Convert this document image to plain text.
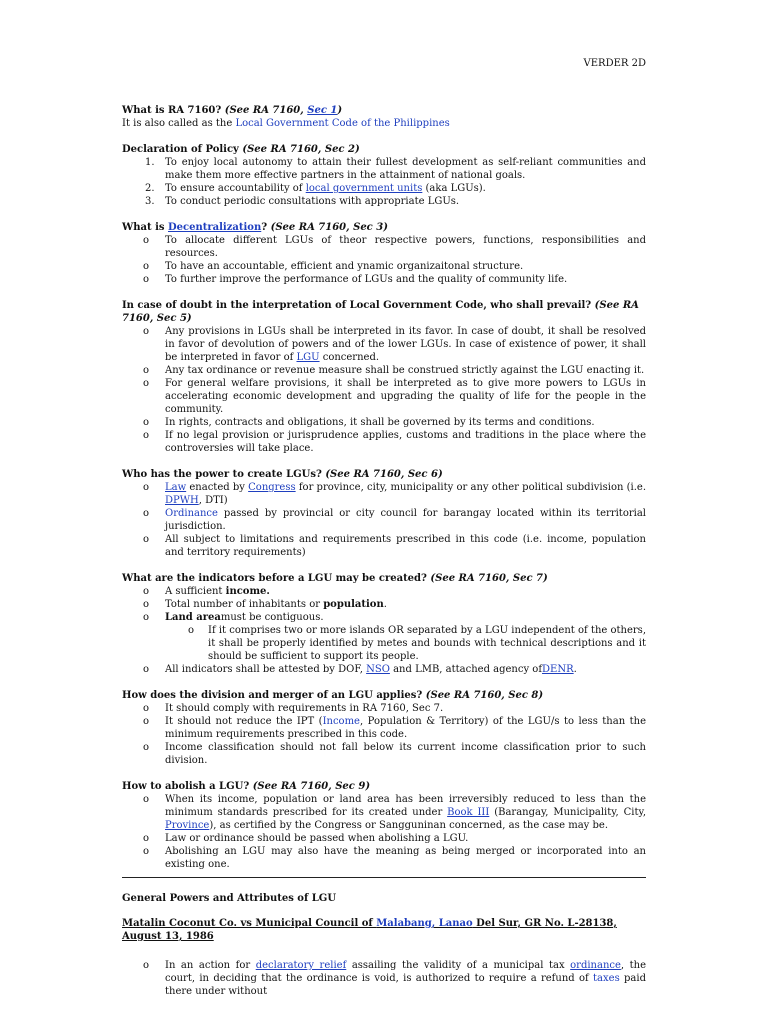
VERDER 2D

What is RA 7160? (See RA 7160, Sec 1)

It is also called as the Local Government Code of the Philippines

Declaration of Policy (See RA 7160, Sec 2)

1. To enjoy local autonomy to attain their fullest development as self-reliant communities and make them more effective partners in the attainment of national goals.
2. To ensure accountability of local government units (aka LGUs).
3. To conduct periodic consultations with appropriate LGUs.

What is Decentralization? (See RA 7160, Sec 3)

o To allocate different LGUs of theor respective powers, functions, responsibilities and resources.
o To have an accountable, efficient and ynamic organizaitonal structure.
o To further improve the performance of LGUs and the quality of community life.

In case of doubt in the interpretation of Local Government Code, who shall prevail? (See RA 7160, Sec 5)

o Any provisions in LGUs shall be interpreted in its favor. In case of doubt, it shall be resolved in favor of devolution of powers and of the lower LGUs. In case of existence of power, it shall be interpreted in favor of LGU concerned.
o Any tax ordinance or revenue measure shall be construed strictly against the LGU enacting it.
o For general welfare provisions, it shall be interpreted as to give more powers to LGUs in accelerating economic development and upgrading the quality of life for the people in the community.
o In rights, contracts and obligations, it shall be governed by its terms and conditions.
o If no legal provision or jurisprudence applies, customs and traditions in the place where the controversies will take place.

Who has the power to create LGUs? (See RA 7160, Sec 6)

o Law enacted by Congress for province, city, municipality or any other political subdivision (i.e. DPWH, DTI)
o Ordinance passed by provincial or city council for barangay located within its territorial jurisdiction.
o All subject to limitations and requirements prescribed in this code (i.e. income, population and territory requirements)

What are the indicators before a LGU may be created? (See RA 7160, Sec 7)

o A sufficient income.
o Total number of inhabitants or population.
o Land areamust be contiguous.
o If it comprises two or more islands OR separated by a LGU independent of the others, it shall be properly identified by metes and bounds with technical descriptions and it should be sufficient to support its people.
o All indicators shall be attested by DOF, NSO and LMB, attached agency ofDENR.

How does the division and merger of an LGU applies? (See RA 7160, Sec 8)

o It should comply with requirements in RA 7160, Sec 7.
o It should not reduce the IPT (Income, Population & Territory) of the LGU/s to less than the minimum requirements prescribed in this code.
o Income classification should not fall below its current income classification prior to such division.

How to abolish a LGU? (See RA 7160, Sec 9)

o When its income, population or land area has been irreversibly reduced to less than the minimum standards prescribed for its created under Book III (Barangay, Municipality, City, Province), as certified by the Congress or Sangguninan concerned, as the case may be.
o Law or ordinance should be passed when abolishing a LGU.
o Abolishing an LGU may also have the meaning as being merged or incorporated into an existing one.

General Powers and Attributes of LGU

Matalin Coconut Co. vs Municipal Council of Malabang, Lanao Del Sur, GR No. L-28138, August 13, 1986

o In an action for declaratory relief assailing the validity of a municipal tax ordinance, the court, in deciding that the ordinance is void, is authorized to require a refund of taxes paid there under without
